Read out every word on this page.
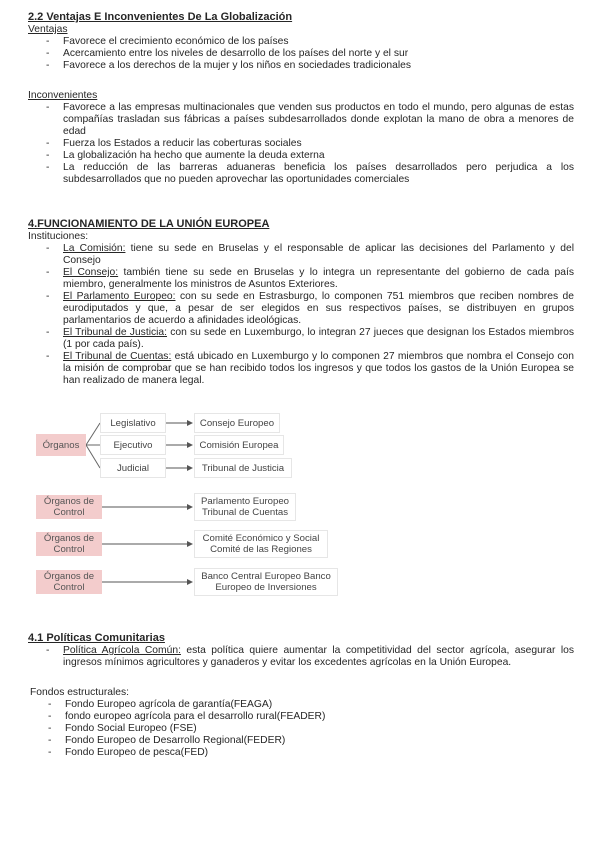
2.2 Ventajas E Inconvenientes De La Globalización
Ventajas
- Favorece el crecimiento económico de los países
- Acercamiento entre los niveles de desarrollo de los países del norte y el sur
- Favorece a los derechos de la mujer y los niños en sociedades tradicionales
Inconvenientes
- Favorece a las empresas multinacionales que venden sus productos en todo el mundo, pero algunas de estas compañías trasladan sus fábricas a países subdesarrollados donde explotan la mano de obra a menores de edad
- Fuerza los Estados a reducir las coberturas sociales
- La globalización ha hecho que aumente la deuda externa
- La reducción de las barreras aduaneras beneficia los países desarrollados pero perjudica a los subdesarrollados que no pueden aprovechar las oportunidades comerciales
4.FUNCIONAMIENTO DE LA UNIÓN EUROPEA
Instituciones:
- La Comisión: tiene su sede en Bruselas y el responsable de aplicar las decisiones del Parlamento y del Consejo
- El Consejo: también tiene su sede en Bruselas y lo integra un representante del gobierno de cada país miembro, generalmente los ministros de Asuntos Exteriores.
- El Parlamento Europeo: con su sede en Estrasburgo, lo componen 751 miembros que reciben nombres de eurodiputados y que, a pesar de ser elegidos en sus respectivos países, se distribuyen en grupos parlamentarios de acuerdo a afinidades ideológicas.
- El Tribunal de Justicia: con su sede en Luxemburgo, lo integran 27 jueces que designan los Estados miembros (1 por cada país).
- El Tribunal de Cuentas: está ubicado en Luxemburgo y lo componen 27 miembros que nombra el Consejo con la misión de comprobar que se han recibido todos los ingresos y que todos los gastos de la Unión Europea se han realizado de manera legal.
Órganos
Legislativo
Ejecutivo
Judicial
Consejo Europeo
Comisión Europea
Tribunal de Justicia
Órganos de Control
Parlamento Europeo Tribunal de Cuentas
Órganos de Control
Comité Económico y Social Comité de las Regiones
Órganos de Control
Banco Central Europeo Banco Europeo de Inversiones
4.1 Políticas Comunitarias
- Política Agrícola Común: esta política quiere aumentar la competitividad del sector agrícola, asegurar los ingresos mínimos agricultores y ganaderos y evitar los excedentes agrícolas en la Unión Europea.
Fondos estructurales:
- Fondo Europeo agrícola de garantía(FEAGA)
- fondo europeo agrícola para el desarrollo rural(FEADER)
- Fondo Social Europeo (FSE)
- Fondo Europeo de Desarrollo Regional(FEDER)
- Fondo Europeo de pesca(FED)
